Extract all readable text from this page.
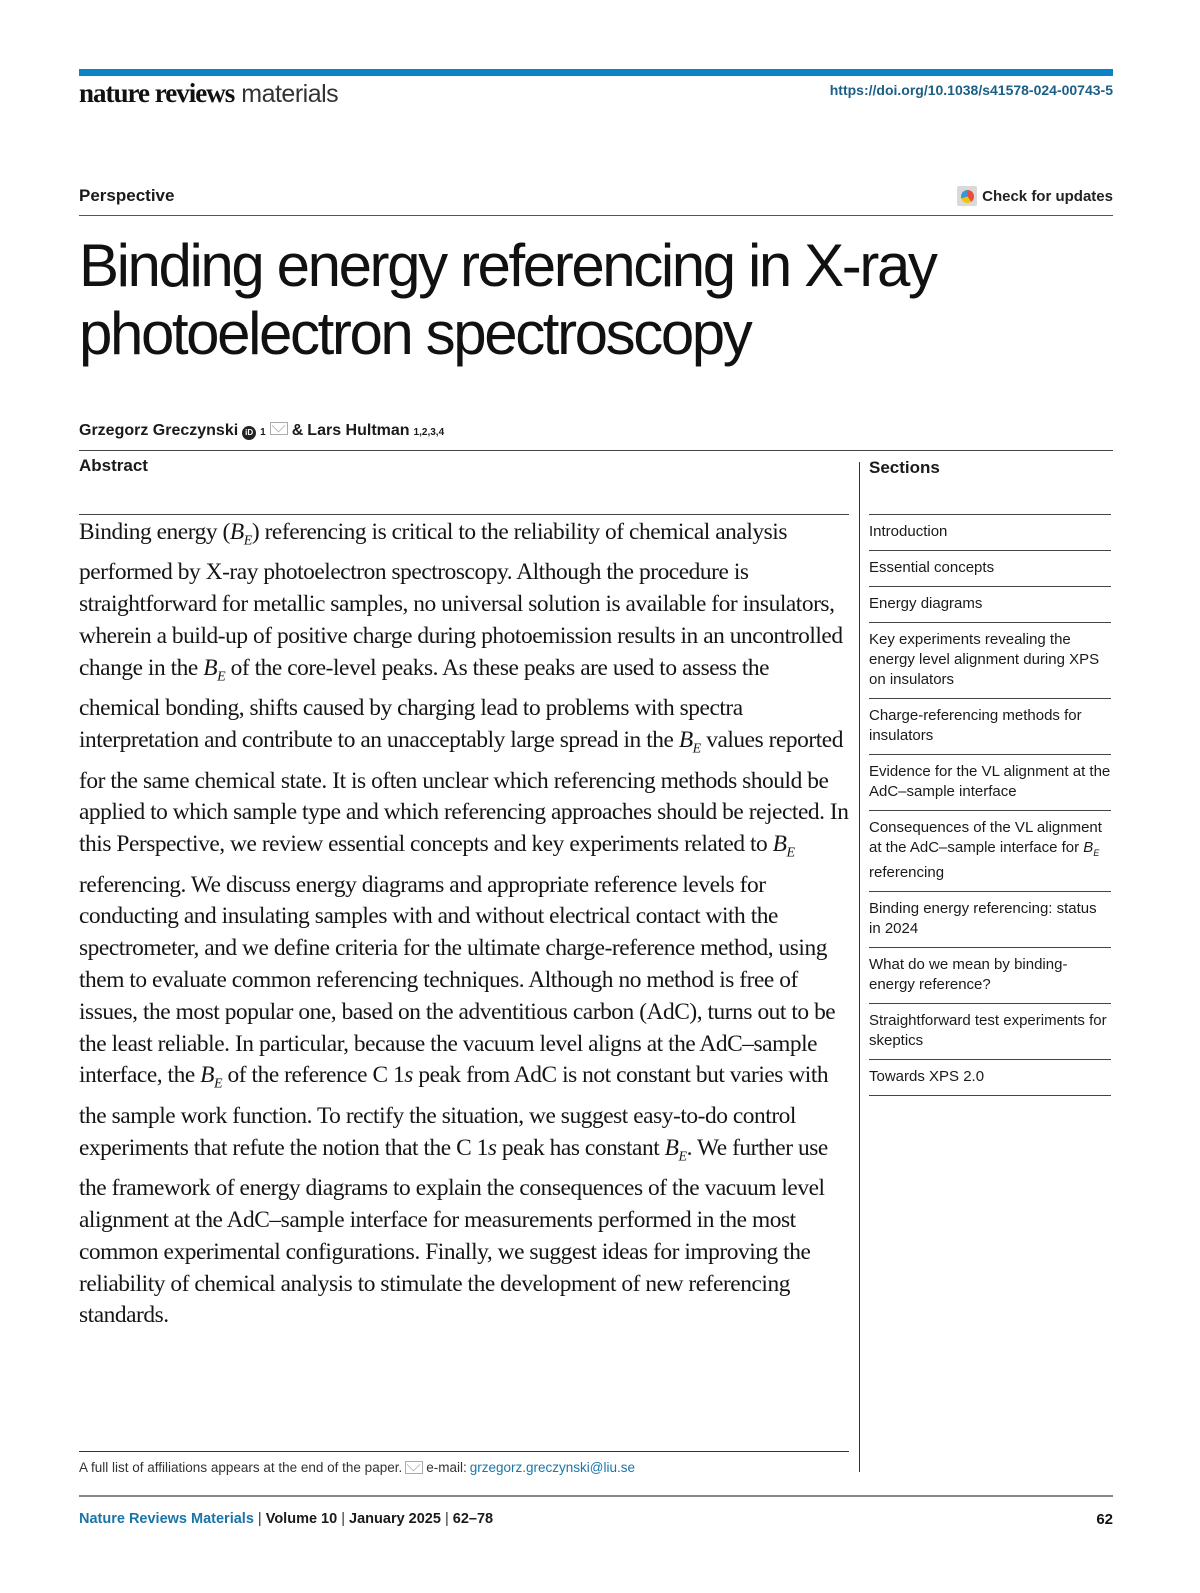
nature reviews materials	https://doi.org/10.1038/s41578-024-00743-5
Perspective	Check for updates
Binding energy referencing in X-ray photoelectron spectroscopy
Grzegorz Greczynski iD 1 & Lars Hultman 1,2,3,4
Abstract

Binding energy $(B_E)$ referencing is critical to the reliability of chemical analysis performed by X-ray photoelectron spectroscopy. Although the procedure is straightforward for metallic samples, no universal solution is available for insulators, wherein a build-up of positive charge during photoemission results in an uncontrolled change in the $B_E$ of the core-level peaks. As these peaks are used to assess the chemical bonding, shifts caused by charging lead to problems with spectra interpretation and contribute to an unacceptably large spread in the $B_E$ values reported for the same chemical state. It is often unclear which referencing methods should be applied to which sample type and which referencing approaches should be rejected. In this Perspective, we review essential concepts and key experiments related to $B_E$ referencing. We discuss energy diagrams and appropriate reference levels for conducting and insulating samples with and without electrical contact with the spectrometer, and we define criteria for the ultimate charge-reference method, using them to evaluate common referencing techniques. Although no method is free of issues, the most popular one, based on the adventitious carbon (AdC), turns out to be the least reliable. In particular, because the vacuum level aligns at the AdC–sample interface, the $B_E$ of the reference C 1s peak from AdC is not constant but varies with the sample work function. To rectify the situation, we suggest easy-to-do control experiments that refute the notion that the C 1s peak has constant $B_E$. We further use the framework of energy diagrams to explain the consequences of the vacuum level alignment at the AdC–sample interface for measurements performed in the most common experimental configurations. Finally, we suggest ideas for improving the reliability of chemical analysis to stimulate the development of new referencing standards.

Sections
Introduction
Essential concepts
Energy diagrams
Key experiments revealing the energy level alignment during XPS on insulators
Charge-referencing methods for insulators
Evidence for the VL alignment at the AdC–sample interface
Consequences of the VL alignment at the AdC–sample interface for $B_E$ referencing
Binding energy referencing: status in 2024
What do we mean by binding-energy reference?
Straightforward test experiments for skeptics
Towards XPS 2.0
A full list of affiliations appears at the end of the paper. e-mail: grzegorz.greczynski@liu.se
Nature Reviews Materials | Volume 10 | January 2025 | 62–78	62
